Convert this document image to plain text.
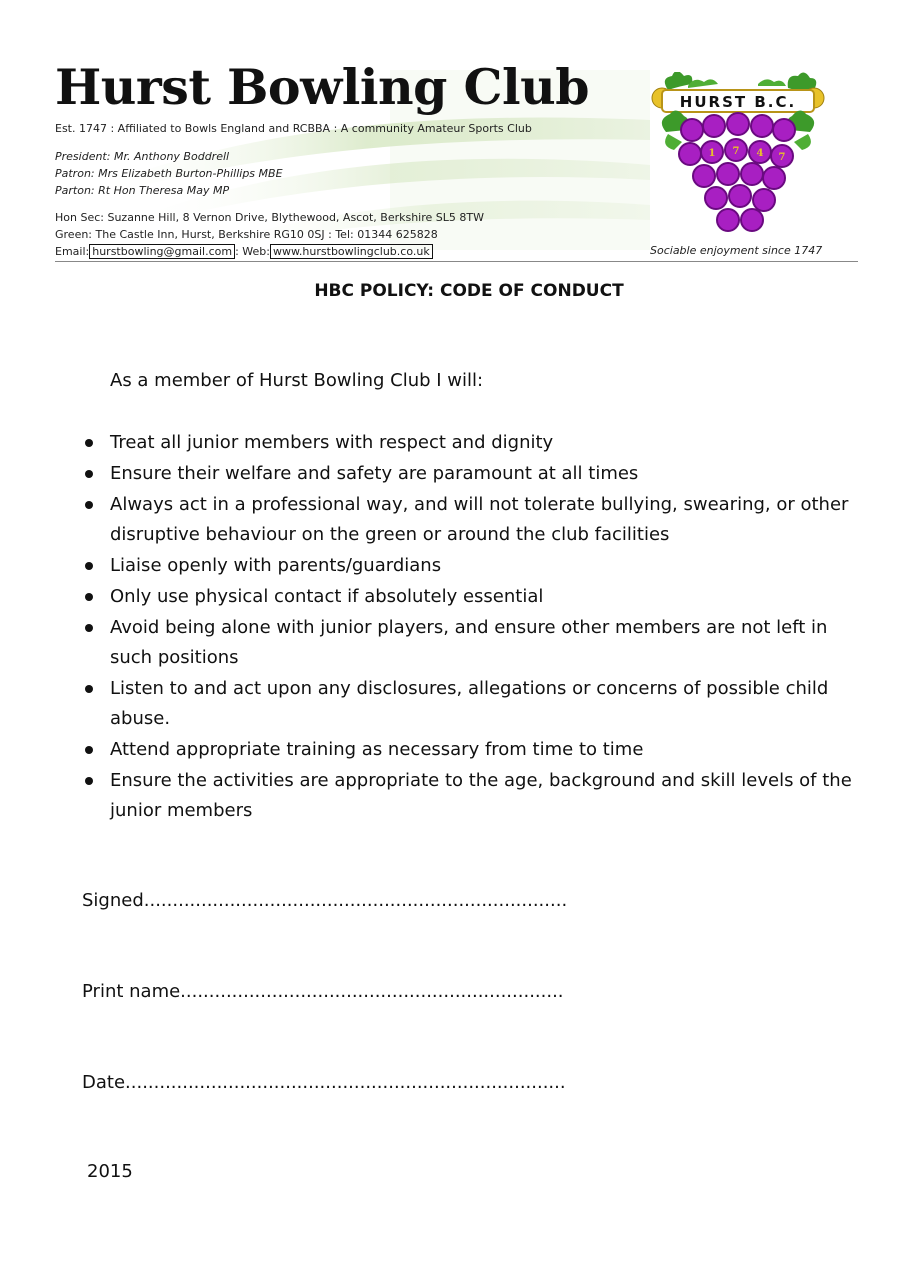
Hurst Bowling Club
Est. 1747 : Affiliated to Bowls England and RCBBA : A community Amateur Sports Club
President: Mr. Anthony Boddrell
Patron: Mrs Elizabeth Burton-Phillips MBE
Parton: Rt Hon Theresa May MP
Hon Sec: Suzanne Hill, 8 Vernon Drive, Blythewood, Ascot, Berkshire SL5 8TW
Green: The Castle Inn, Hurst, Berkshire RG10 0SJ : Tel: 01344 625828
Email: hurstbowling@gmail.com : Web: www.hurstbowlingclub.co.uk
HURST B.C.
1 7 4 7
Sociable enjoyment since 1747
HBC POLICY: CODE OF CONDUCT
As a member of Hurst Bowling Club I will:
Treat all junior members with respect and dignity
Ensure their welfare and safety are paramount at all times
Always act in a professional way, and will not tolerate bullying, swearing, or other disruptive behaviour on the green or around the club facilities
Liaise openly with parents/guardians
Only use physical contact if absolutely essential
Avoid being alone with junior players, and ensure other members are not left in such positions
Listen to and act upon any disclosures, allegations or concerns of possible child abuse.
Attend appropriate training as necessary from time to time
Ensure the activities are appropriate to the age, background and skill levels of the junior members
Signed..........................................................................
Print name...................................................................
Date.............................................................................
2015
